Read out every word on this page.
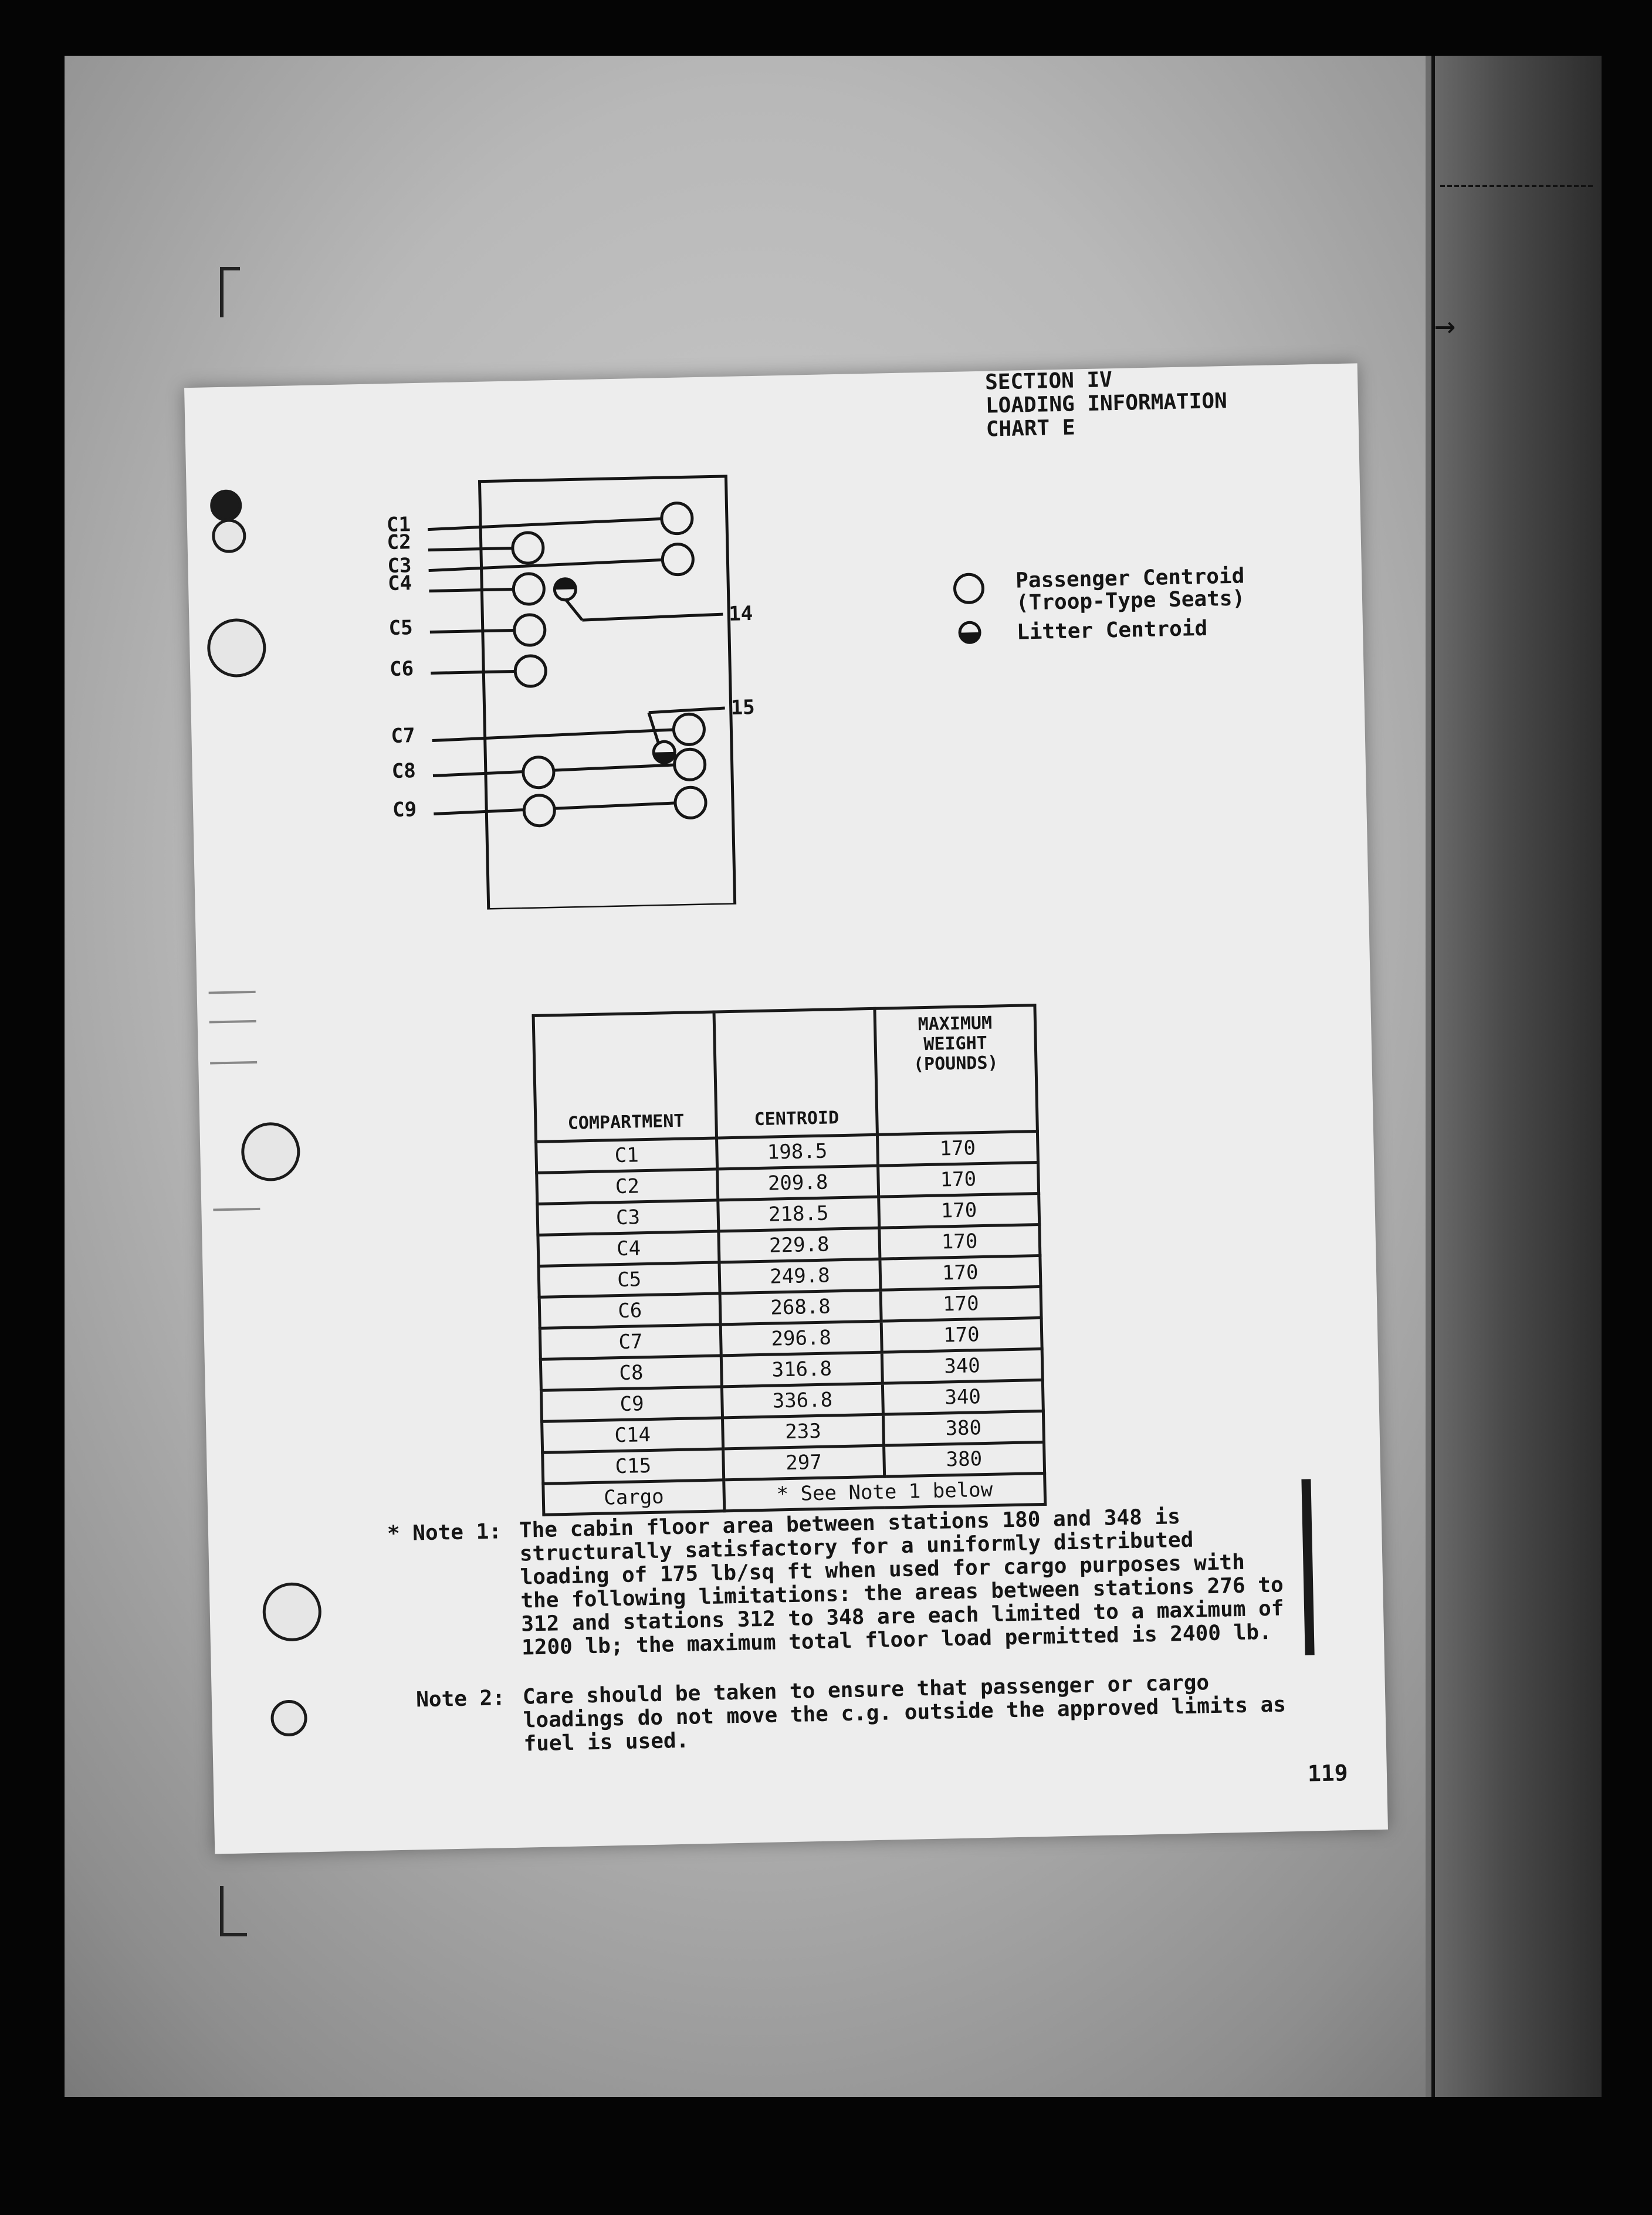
→
SECTION IV
LOADING INFORMATION
CHART E
C1
C2
C3
C4
C5
C6
C7
C8
C9
14
15
Passenger Centroid
(Troop-Type Seats)
Litter Centroid
COMPARTMENT	CENTROID	MAXIMUM
WEIGHT
(POUNDS)

C1	198.5	170
C2	209.8	170
C3	218.5	170
C4	229.8	170
C5	249.8	170
C6	268.8	170
C7	296.8	170
C8	316.8	340
C9	336.8	340
C14	233	380
C15	297	380
Cargo	* See Note 1 below	
* Note 1: The cabin floor area between stations 180 and 348 is structurally satisfactory for a uniformly distributed loading of 175 lb/sq ft when used for cargo purposes with the following limitations: the areas between stations 276 to 312 and stations 312 to 348 are each limited to a maximum of 1200 lb; the maximum total floor load permitted is 2400 lb.
Note 2: Care should be taken to ensure that passenger or cargo loadings do not move the c.g. outside the approved limits as fuel is used.
119
